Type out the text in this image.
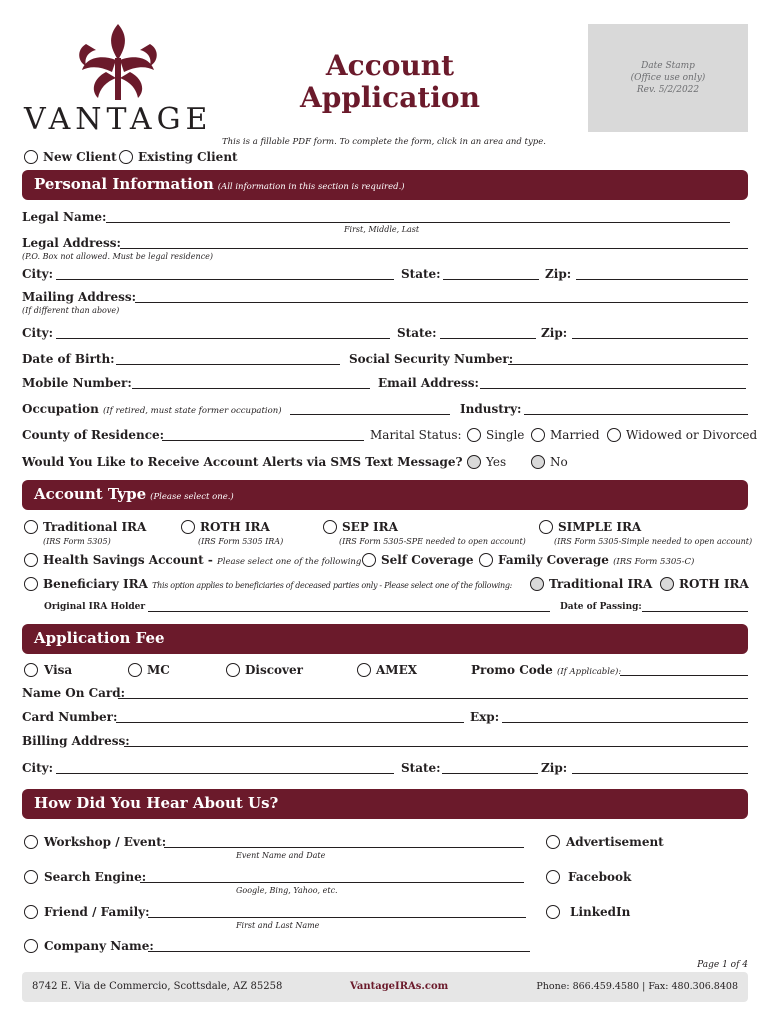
VANTAGE
Account
Application
Date Stamp
(Office use only)
Rev. 5/2/2022
This is a fillable PDF form. To complete the form, click in an area and type.
New Client Existing Client
Personal Information (All information in this section is required.)
Legal Name:
First, Middle, Last
Legal Address:
(P.O. Box not allowed. Must be legal residence)
City:	State:	Zip:
Mailing Address:
(If different than above)
City:	State:	Zip:
Date of Birth:	Social Security Number:
Mobile Number:	Email Address:
Occupation (If retired, must state former occupation)	Industry:
County of Residence:	Marital Status: Single Married Widowed or Divorced
Would You Like to Receive Account Alerts via SMS Text Message? Yes	No
Account Type (Please select one.)
Traditional IRA
(IRS Form 5305)
ROTH IRA
(IRS Form 5305 IRA)
SEP IRA
(IRS Form 5305-SPE needed to open account)
SIMPLE IRA
(IRS Form 5305-Simple needed to open account)
Health Savings Account - Please select one of the following Self Coverage Family Coverage (IRS Form 5305-C)
Beneficiary IRA This option applies to beneficiaries of deceased parties only - Please select one of the following:	Traditional IRA ROTH IRA
Original IRA Holder	Date of Passing:
Application Fee
Visa	MC	Discover	AMEX	Promo Code (If Applicable):
Name On Card:
Card Number:	Exp:
Billing Address:
City:	State:	Zip:
How Did You Hear About Us?
Workshop / Event:
Event Name and Date
Advertisement
Search Engine:
Google, Bing, Yahoo, etc.
Facebook
Friend / Family:
First and Last Name
LinkedIn
Company Name:
Page 1 of 4
8742 E. Via de Commercio, Scottsdale, AZ 85258	VantageIRAs.com	Phone: 866.459.4580 | Fax: 480.306.8408
